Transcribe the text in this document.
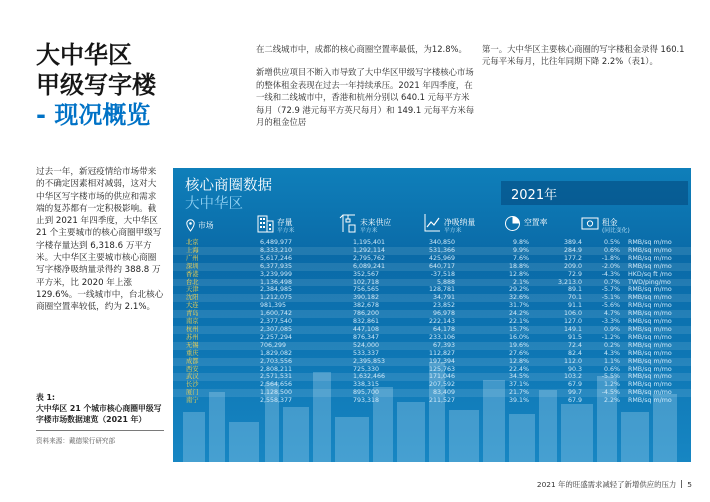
大中华区
甲级写字楼
- 现况概览

在二线城市中，成都的核心商圈空置率最低，为12.8%。

新增供应项目不断入市导致了大中华区甲级写字楼核心市场的整体租金表现在过去一年持续承压。2021 年四季度，在一线和二线城市中，香港和杭州分别以 640.1 元每平方米每月（72.9 港元每平方英尺每月）和 149.1 元每平方米每月的租金位居

第一。大中华区主要核心商圈的写字楼租金录得 160.1 元每平米每月，比往年同期下降 2.2%（表1）。

过去一年，新冠疫情给市场带来的不确定因素相对减弱，这对大中华区写字楼市场的供应和需求端的复苏都有一定积极影响。截止到 2021 年四季度，大中华区 21 个主要城市的核心商圈甲级写字楼存量达到 6,318.6 万平方米。大中华区主要城市核心商圈写字楼净吸纳量录得约 388.8 万平方米，比 2020 年上涨 129.6%。一线城市中，台北核心商圈空置率较低，约为 2.1%。
表 1:
大中华区 21 个城市核心商圈甲级写字楼市场数据速览（2021 年）
资料来源：戴德梁行研究部
核心商圈数据
大中华区
2021年
市场	存量
平方米
未来供应
平方米
净吸纳量
平方米
空置率	租金
(同比变化)
北京	6,489,977	1,195,401	340,850	9.8%	389.4	0.5% RMB/sq m/mo
上海	8,333,210	1,292,114	531,366	9.9%	284.9	0.6% RMB/sq m/mo
广州	5,617,246	2,795,762	425,969	7.6%	177.2	-1.8% RMB/sq m/mo
深圳	6,377,935	6,089,241	640,717	18.8%	209.0	-2.0% RMB/sq m/mo
香港	3,239,999	352,567	-37,518	12.8%	72.9	-4.3% HKD/sq ft /mo
台北	1,136,498	102,718	5,888	2.1%	3,213.0	0.7% TWD/ping/mo
天津	2,384,985	756,565	128,781	29.2%	89.1	-5.7% RMB/sq m/mo
沈阳	1,212,075	390,182	34,791	32.6%	70.1	-5.1% RMB/sq m/mo
大连	981,395	382,678	23,852	31.7%	91.1	-5.6% RMB/sq m/mo
青岛	1,600,742	786,200	96,978	24.2%	106.0	4.7% RMB/sq m/mo
南京	2,377,540	832,861	222,143	22.1%	127.0	-3.3% RMB/sq m/mo
杭州	2,307,085	447,108	64,178	15.7%	149.1	0.9% RMB/sq m/mo
苏州	2,257,294	876,347	233,106	16.0%	91.5	-1.2% RMB/sq m/mo
无锡	706,299	524,000	67,393	19.6%	72.4	0.2% RMB/sq m/mo
重庆	1,829,082	533,337	112,827	27.6%	82.4	4.3% RMB/sq m/mo
成都	2,703,556	2,395,853	197,394	12.8%	112.0	1.1% RMB/sq m/mo
西安	2,808,211	725,330	125,763	22.4%	90.3	0.6% RMB/sq m/mo
武汉	2,571,531	1,632,466	171,046	34.5%	103.2	-5.5% RMB/sq m/mo
长沙	2,564,656	338,315	207,592	37.1%	67.9	1.2% RMB/sq m/mo
厦门	1,128,500	895,700	83,409	21.7%	99.7	-4.5% RMB/sq m/mo
南宁	2,558,377	793,318	211,527	39.1%	67.9	2.2% RMB/sq m/mo
2021 年的旺盛需求减轻了新增供应的压力 5
